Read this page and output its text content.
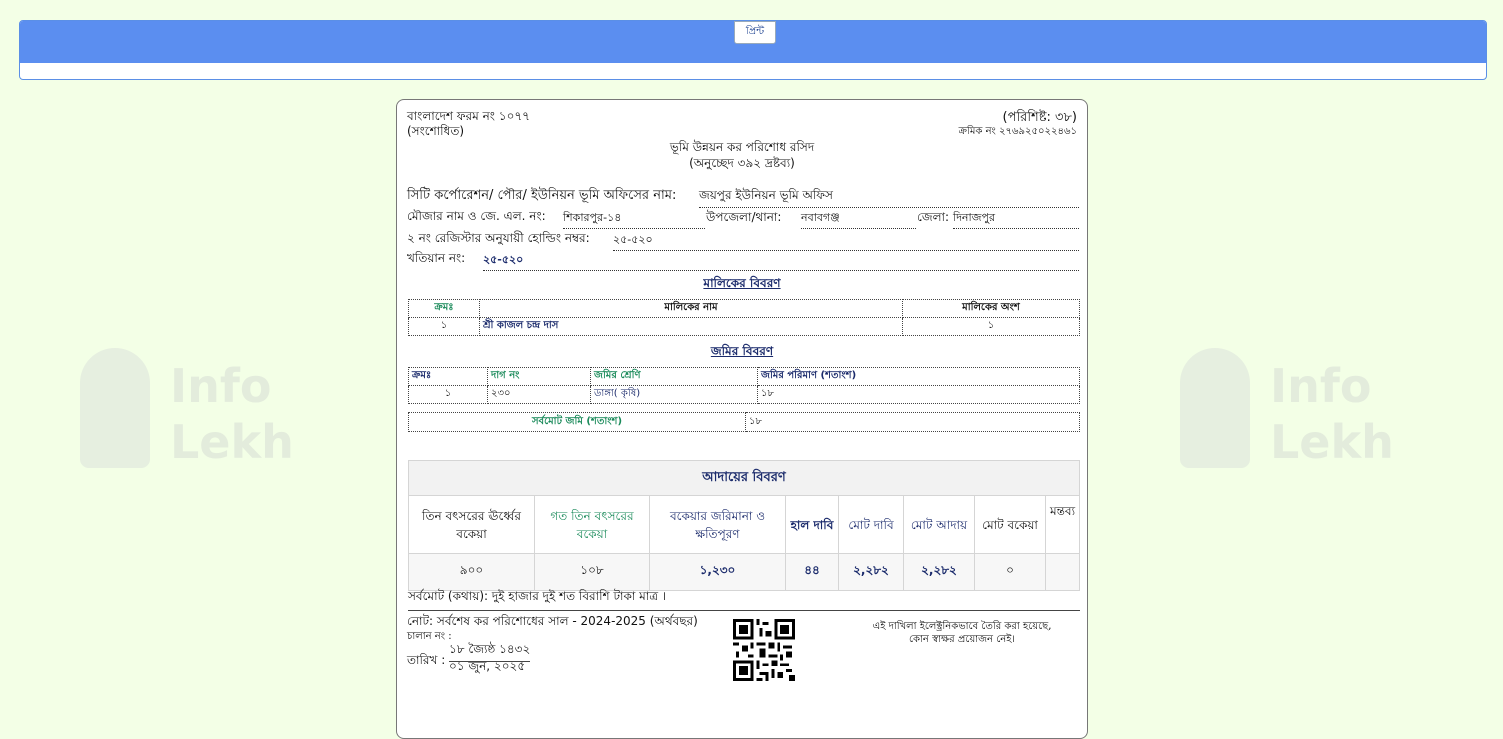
Info
Lekh
Info
Lekh
প্রিন্ট
বাংলাদেশ ফরম নং ১০৭৭
(সংশোধিত)
(পরিশিষ্ট: ৩৮)
ক্রমিক নং ২৭৬৯২৫০২২৪৬১
ভূমি উন্নয়ন কর পরিশোধ রসিদ
(অনুচ্ছেদ ৩৯২ দ্রষ্টব্য)
সিটি কর্পোরেশন/ পৌর/ ইউনিয়ন ভূমি অফিসের নাম: জয়পুর ইউনিয়ন ভূমি অফিস
মৌজার নাম ও জে. এল. নং: শিকারপুর-১৪	উপজেলা/থানা: নবাবগঞ্জ	জেলা: দিনাজপুর
২ নং রেজিস্টার অনুযায়ী হোল্ডিং নম্বর: ২৫-৫২০
খতিয়ান নং: ২৫-৫২০
মালিকের বিবরণ
ক্রমঃ	মালিকের নাম	মালিকের অংশ
১	শ্রী কাজল চন্দ্র দাস	১
জমির বিবরণ
ক্রমঃ	দাগ নং	জমির শ্রেণি	জমির পরিমাণ (শতাংশ)
১	২৩০	ডাঙ্গা( কৃষি)	১৮
সর্বমোট জমি (শতাংশ)	১৮
আদায়ের বিবরণ							
তিন বৎসরের ঊর্ধ্বের বকেয়া	গত তিন বৎসরের বকেয়া	বকেয়ার জরিমানা ও ক্ষতিপূরণ	হাল দাবি	মোট দাবি	মোট আদায়	মোট বকেয়া	মন্তব্য
৯০০	১০৮	১,২৩০	৪৪	২,২৮২	২,২৮২	০	
সর্বমোট (কথায়): দুই হাজার দুই শত বিরাশি টাকা মাত্র ।
নোট: সর্বশেষ কর পরিশোধের সাল - 2024-2025 (অর্থবছর)
চালান নং :
তারিখ :
১৮ জ্যৈষ্ঠ ১৪৩২
০১ জুন, ২০২৫
এই দাখিলা ইলেক্ট্রনিকভাবে তৈরি করা হয়েছে,
কোন স্বাক্ষর প্রয়োজন নেই।
